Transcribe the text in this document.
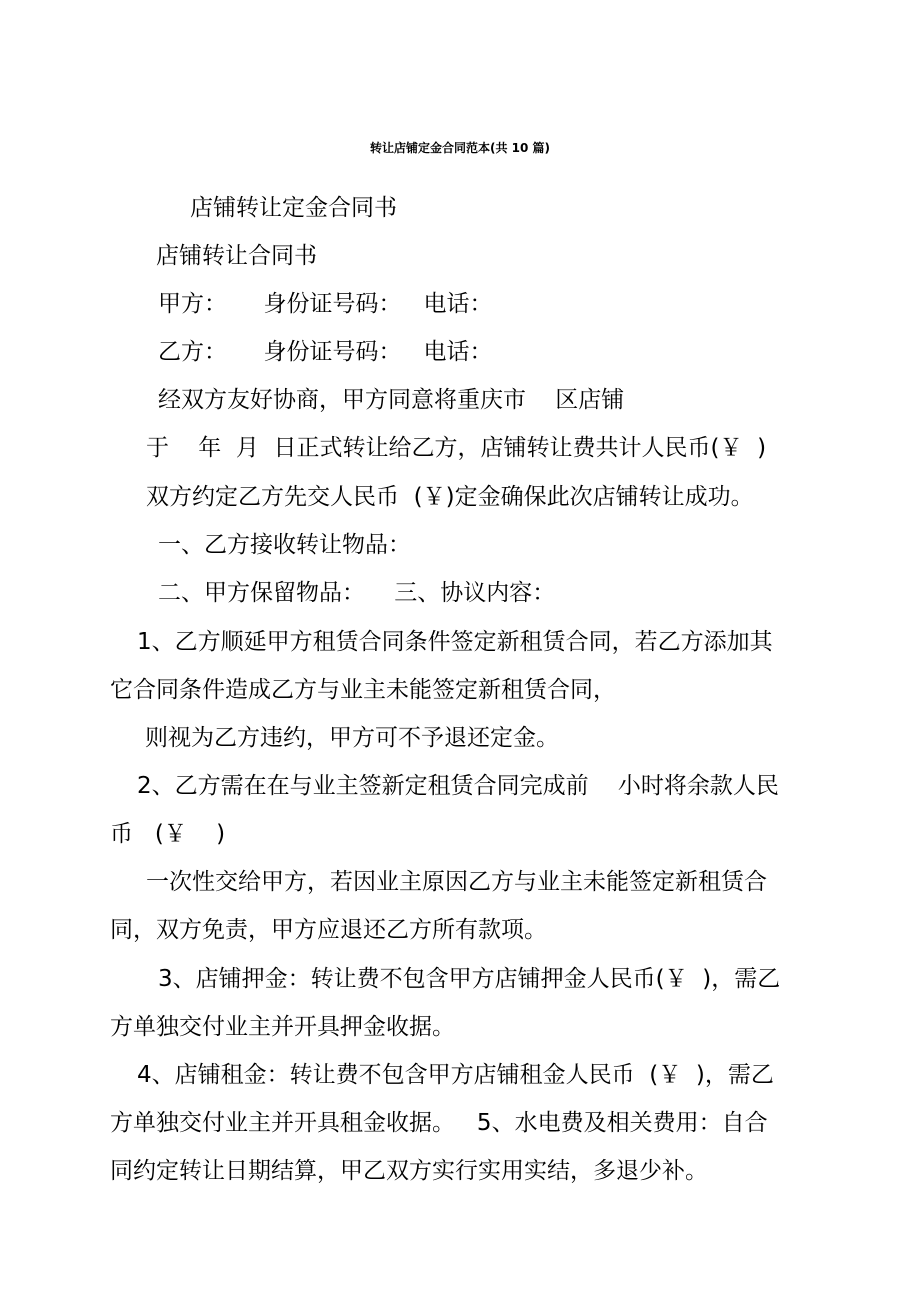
转让店铺定金合同范本(共 10 篇)
店铺转让定金合同书
店铺转让合同书
甲方：     身份证号码：   电话：
乙方：     身份证号码：   电话：
经双方友好协商，甲方同意将重庆市    区店铺
于    年  月  日正式转让给乙方，店铺转让费共计人民币(￥  )
双方约定乙方先交人民币  (￥)定金确保此次店铺转让成功。
一、乙方接收转让物品：
二、甲方保留物品：    三、协议内容：
1、乙方顺延甲方租赁合同条件签定新租赁合同，若乙方添加其
它合同条件造成乙方与业主未能签定新租赁合同，
则视为乙方违约，甲方可不予退还定金。
2、乙方需在在与业主签新定租赁合同完成前    小时将余款人民
币   (￥    )
一次性交给甲方，若因业主原因乙方与业主未能签定新租赁合
同，双方免责，甲方应退还乙方所有款项。
3、店铺押金：转让费不包含甲方店铺押金人民币(￥  )，需乙
方单独交付业主并开具押金收据。
4、店铺租金：转让费不包含甲方店铺租金人民币  (￥  )，需乙
方单独交付业主并开具租金收据。   5、水电费及相关费用：自合
同约定转让日期结算，甲乙双方实行实用实结，多退少补。
